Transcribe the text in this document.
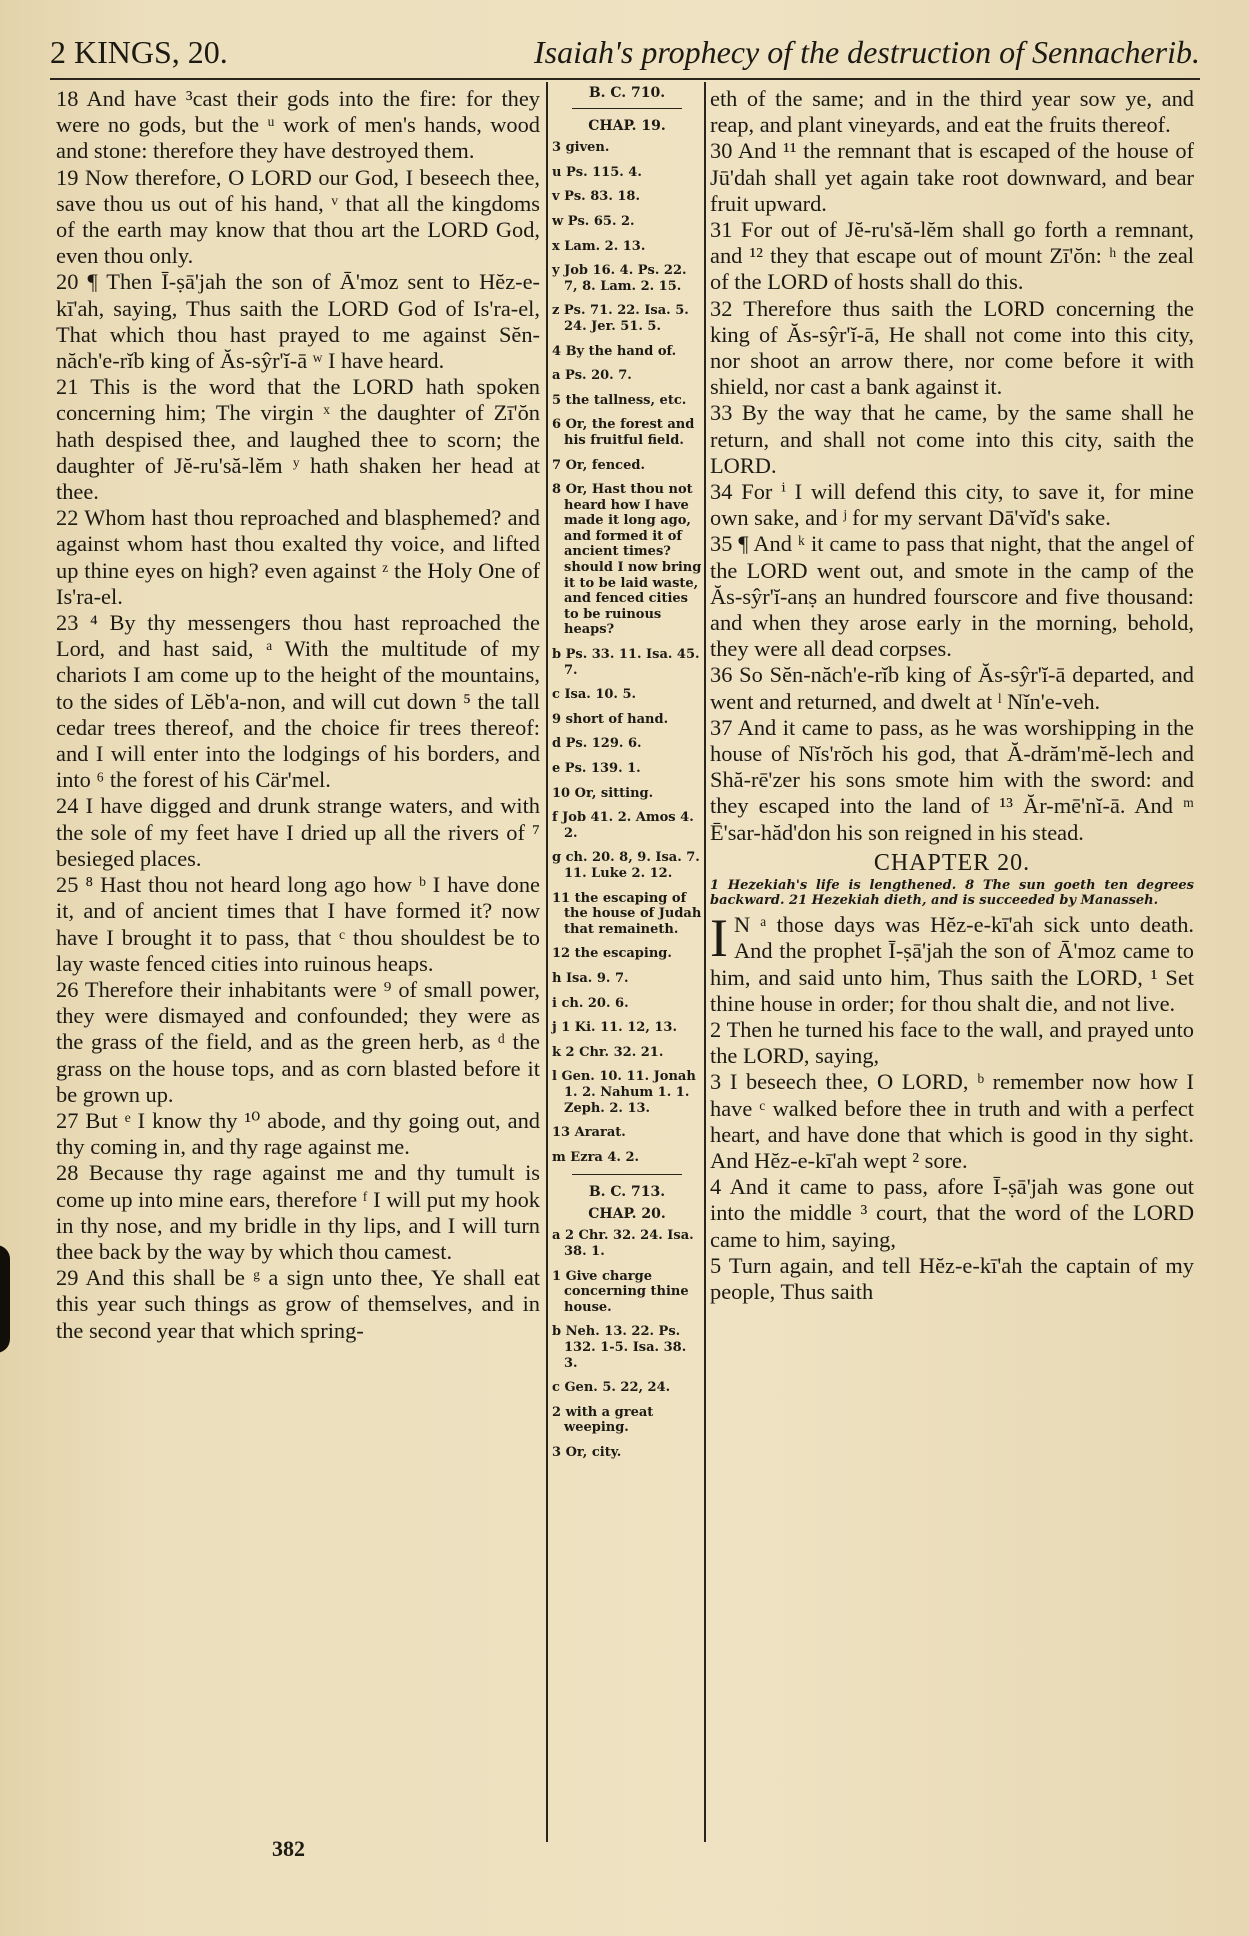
2 KINGS, 20.	Isaiah's prophecy of the destruction of Sennacherib.

18 And have ³cast their gods into the fire: for they were no gods, but the ᵘ work of men's hands, wood and stone: therefore they have destroyed them.

19 Now therefore, O LORD our God, I beseech thee, save thou us out of his hand, ᵛ that all the kingdoms of the earth may know that thou art the LORD God, even thou only.

20 ¶ Then Ī-ṣā'jah the son of Ā'moz sent to Hĕz-e-kī'ah, saying, Thus saith the LORD God of Is'ra-el, That which thou hast prayed to me against Sĕn-năch'e-rĭb king of Ăs-sŷr'ĭ-ā ʷ I have heard.

21 This is the word that the LORD hath spoken concerning him; The virgin ˣ the daughter of Zī'ŏn hath despised thee, and laughed thee to scorn; the daughter of Jĕ-ru'să-lĕm ʸ hath shaken her head at thee.

22 Whom hast thou reproached and blasphemed? and against whom hast thou exalted thy voice, and lifted up thine eyes on high? even against ᶻ the Holy One of Is'ra-el.

23 ⁴ By thy messengers thou hast reproached the Lord, and hast said, ᵃ With the multitude of my chariots I am come up to the height of the mountains, to the sides of Lĕb'a-non, and will cut down ⁵ the tall cedar trees thereof, and the choice fir trees thereof: and I will enter into the lodgings of his borders, and into ⁶ the forest of his Cär'mel.

24 I have digged and drunk strange waters, and with the sole of my feet have I dried up all the rivers of ⁷ besieged places.

25 ⁸ Hast thou not heard long ago how ᵇ I have done it, and of ancient times that I have formed it? now have I brought it to pass, that ᶜ thou shouldest be to lay waste fenced cities into ruinous heaps.

26 Therefore their inhabitants were ⁹ of small power, they were dismayed and confounded; they were as the grass of the field, and as the green herb, as ᵈ the grass on the house tops, and as corn blasted before it be grown up.

27 But ᵉ I know thy ¹⁰ abode, and thy going out, and thy coming in, and thy rage against me.

28 Because thy rage against me and thy tumult is come up into mine ears, therefore ᶠ I will put my hook in thy nose, and my bridle in thy lips, and I will turn thee back by the way by which thou camest.

29 And this shall be ᵍ a sign unto thee, Ye shall eat this year such things as grow of themselves, and in the second year that which spring-

B. C. 710.
CHAP. 19.
3 given.
u Ps. 115. 4.
v Ps. 83. 18.
w Ps. 65. 2.
x Lam. 2. 13.
y Job 16. 4. Ps. 22. 7, 8. Lam. 2. 15.
z Ps. 71. 22. Isa. 5. 24. Jer. 51. 5.
4 By the hand of.
a Ps. 20. 7.
5 the tallness, etc.
6 Or, the forest and his fruitful field.
7 Or, fenced.
8 Or, Hast thou not heard how I have made it long ago, and formed it of ancient times? should I now bring it to be laid waste, and fenced cities to be ruinous heaps?
b Ps. 33. 11. Isa. 45. 7.
c Isa. 10. 5.
9 short of hand.
d Ps. 129. 6.
e Ps. 139. 1.
10 Or, sitting.
f Job 41. 2. Amos 4. 2.
g ch. 20. 8, 9. Isa. 7. 11. Luke 2. 12.
11 the escaping of the house of Judah that remaineth.
12 the escaping.
h Isa. 9. 7.
i ch. 20. 6.
j 1 Ki. 11. 12, 13.
k 2 Chr. 32. 21.
l Gen. 10. 11. Jonah 1. 2. Nahum 1. 1. Zeph. 2. 13.
13 Ararat.
m Ezra 4. 2.
B. C. 713.
CHAP. 20.
a 2 Chr. 32. 24. Isa. 38. 1.
1 Give charge concerning thine house.
b Neh. 13. 22. Ps. 132. 1-5. Isa. 38. 3.
c Gen. 5. 22, 24.
2 with a great weeping.
3 Or, city.

eth of the same; and in the third year sow ye, and reap, and plant vineyards, and eat the fruits thereof.

30 And ¹¹ the remnant that is escaped of the house of Jū'dah shall yet again take root downward, and bear fruit upward.

31 For out of Jĕ-ru'să-lĕm shall go forth a remnant, and ¹² they that escape out of mount Zī'ŏn: ʰ the zeal of the LORD of hosts shall do this.

32 Therefore thus saith the LORD concerning the king of Ăs-sŷr'ĭ-ā, He shall not come into this city, nor shoot an arrow there, nor come before it with shield, nor cast a bank against it.

33 By the way that he came, by the same shall he return, and shall not come into this city, saith the LORD.

34 For ⁱ I will defend this city, to save it, for mine own sake, and ʲ for my servant Dā'vĭd's sake.

35 ¶ And ᵏ it came to pass that night, that the angel of the LORD went out, and smote in the camp of the Ăs-sŷr'ĭ-anṣ an hundred fourscore and five thousand: and when they arose early in the morning, behold, they were all dead corpses.

36 So Sĕn-năch'e-rĭb king of Ăs-sŷr'ĭ-ā departed, and went and returned, and dwelt at ˡ Nĭn'e-veh.

37 And it came to pass, as he was worshipping in the house of Nĭs'rŏch his god, that Ă-drăm'mĕ-lech and Shă-rē'zer his sons smote him with the sword: and they escaped into the land of ¹³ Ăr-mē'nĭ-ā. And ᵐ Ē'sar-hăd'don his son reigned in his stead.

CHAPTER 20.
1 Hezekiah's life is lengthened. 8 The sun goeth ten degrees backward. 21 Hezekiah dieth, and is succeeded by Manasseh.

I N ᵃ those days was Hĕz-e-kī'ah sick unto death. And the prophet Ī-ṣā'jah the son of Ā'moz came to him, and said unto him, Thus saith the LORD, ¹ Set thine house in order; for thou shalt die, and not live.

2 Then he turned his face to the wall, and prayed unto the LORD, saying,

3 I beseech thee, O LORD, ᵇ remember now how I have ᶜ walked before thee in truth and with a perfect heart, and have done that which is good in thy sight. And Hĕz-e-kī'ah wept ² sore.

4 And it came to pass, afore Ī-ṣā'jah was gone out into the middle ³ court, that the word of the LORD came to him, saying,

5 Turn again, and tell Hĕz-e-kī'ah the captain of my people, Thus saith

382
